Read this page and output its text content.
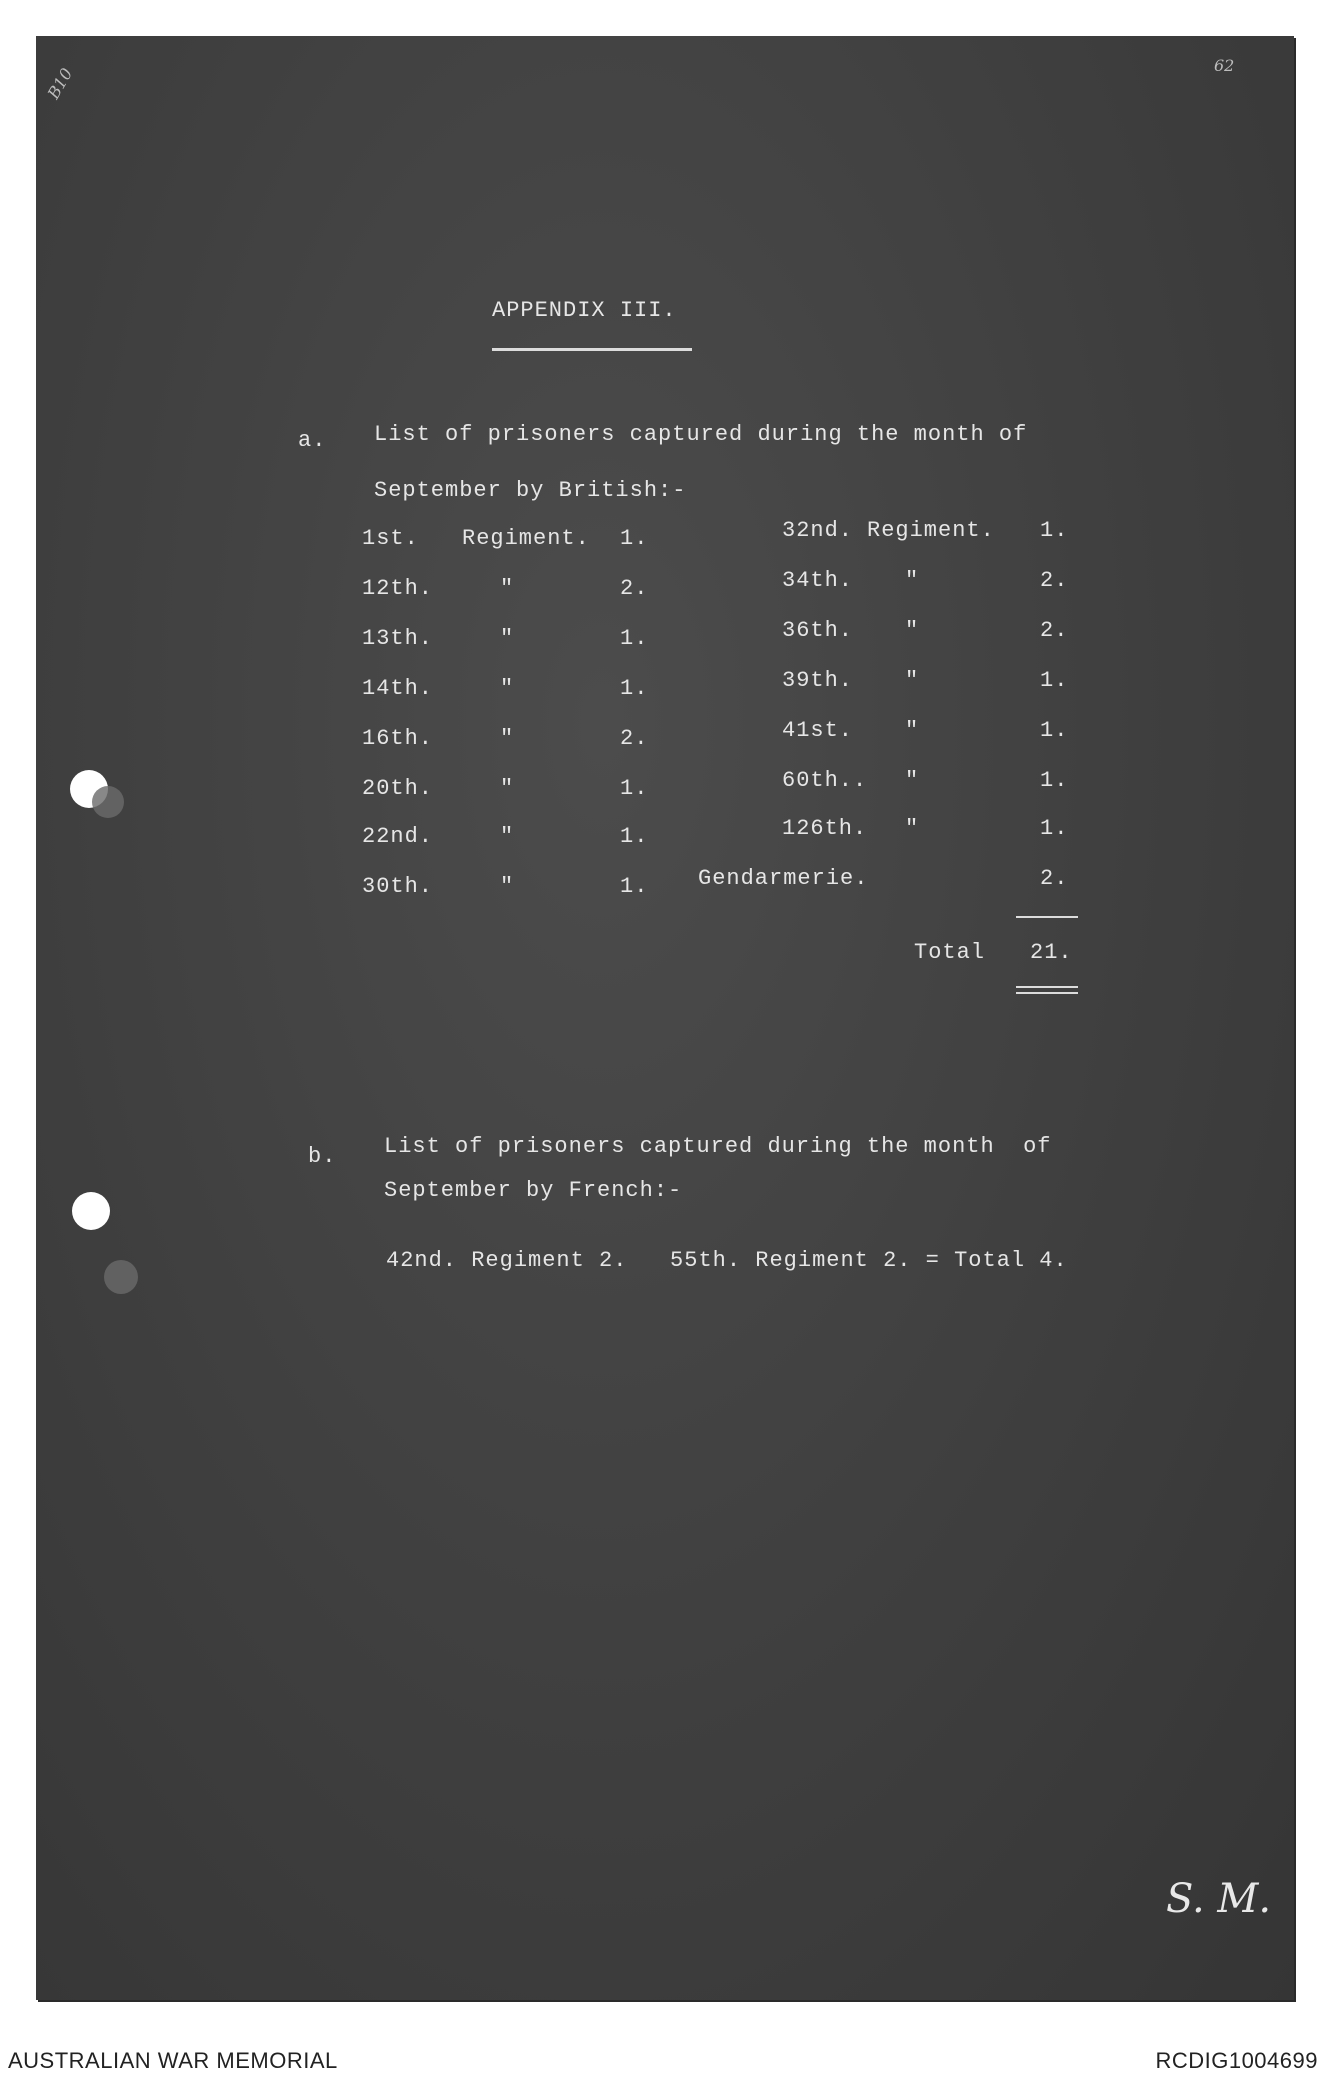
B10	62
APPENDIX III.
a. List of prisoners captured during the month of
September by British:-
Total 21.
b. List of prisoners captured during the month  of
September by French:-
42nd. Regiment 2.   55th. Regiment 2. = Total 4.
S. M.
1st. Regiment. 1.
12th.	"	2.
13th.	"	1.
14th.	"	1.
16th.	"	2.
20th.	"	1.
22nd.	"	1.
30th.	"	1.
32nd. Regiment. 1.
34th. "	2.
36th. "	2.
39th. "	1.
41st. "	1.
60th.. "	1.
126th. "	1.
Gendarmerie.	2.
AUSTRALIAN WAR MEMORIAL	RCDIG1004699
